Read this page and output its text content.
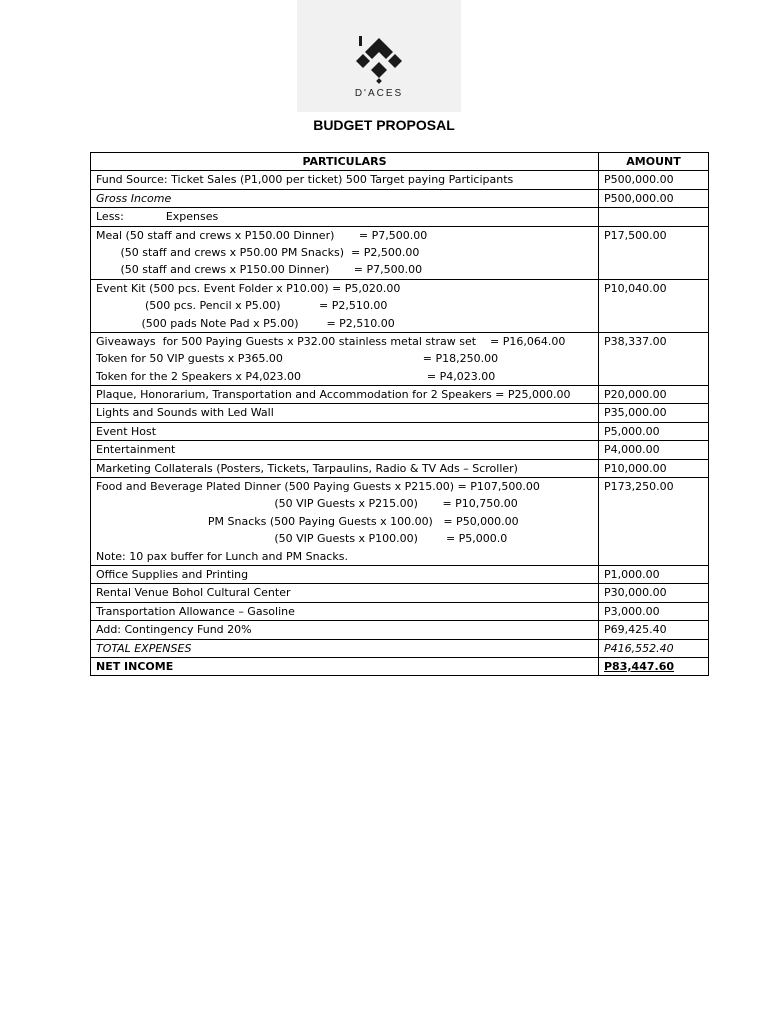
D'ACES
BUDGET PROPOSAL
PARTICULARS	AMOUNT

Fund Source: Ticket Sales (P1,000 per ticket) 500 Target paying Participants	P500,000.00

Gross Income	P500,000.00

Less:            Expenses	

Meal (50 staff and crews x P150.00 Dinner)       = P7,500.00
(50 staff and crews x P50.00 PM Snacks)  = P2,500.00
(50 staff and crews x P150.00 Dinner)       = P7,500.00	P17,500.00

Event Kit (500 pcs. Event Folder x P10.00) = P5,020.00
(500 pcs. Pencil x P5.00)           = P2,510.00
(500 pads Note Pad x P5.00)        = P2,510.00	P10,040.00

Giveaways  for 500 Paying Guests x P32.00 stainless metal straw set    = P16,064.00
Token for 50 VIP guests x P365.00                                        = P18,250.00
Token for the 2 Speakers x P4,023.00                                    = P4,023.00	P38,337.00

Plaque, Honorarium, Transportation and Accommodation for 2 Speakers = P25,000.00	P20,000.00

Lights and Sounds with Led Wall	P35,000.00

Event Host	P5,000.00

Entertainment	P4,000.00

Marketing Collaterals (Posters, Tickets, Tarpaulins, Radio & TV Ads – Scroller)	P10,000.00

Food and Beverage Plated Dinner (500 Paying Guests x P215.00) = P107,500.00
(50 VIP Guests x P215.00)       = P10,750.00
PM Snacks (500 Paying Guests x 100.00)   = P50,000.00
(50 VIP Guests x P100.00)        = P5,000.0
Note: 10 pax buffer for Lunch and PM Snacks.	P173,250.00

Office Supplies and Printing	P1,000.00

Rental Venue Bohol Cultural Center	P30,000.00

Transportation Allowance – Gasoline	P3,000.00

Add: Contingency Fund 20%	P69,425.40

TOTAL EXPENSES	P416,552.40

NET INCOME	P83,447.60
